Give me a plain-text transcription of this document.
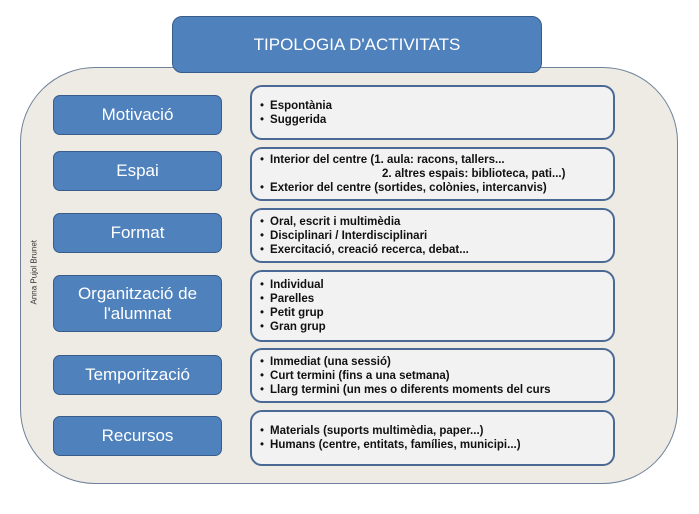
TIPOLOGIA D'ACTIVITATS
Anna Pujol Brunet
Motivació	• Espontània
• Suggerida
Espai
• Interior del centre (1. aula: racons, tallers...
2. altres espais: biblioteca, pati...)
• Exterior del centre (sortides, colònies, intercanvis)
Format
• Oral, escrit i multimèdia
• Disciplinari / Interdisciplinari
• Exercitació, creació recerca, debat...
Organització de l'alumnat
• Individual
• Parelles
• Petit grup
• Gran grup
Temporització
• Immediat (una sessió)
• Curt termini (fins a una setmana)
• Llarg termini (un mes o diferents moments del curs
Recursos	• Materials (suports multimèdia, paper...)
• Humans (centre, entitats, famílies, municipi...)
